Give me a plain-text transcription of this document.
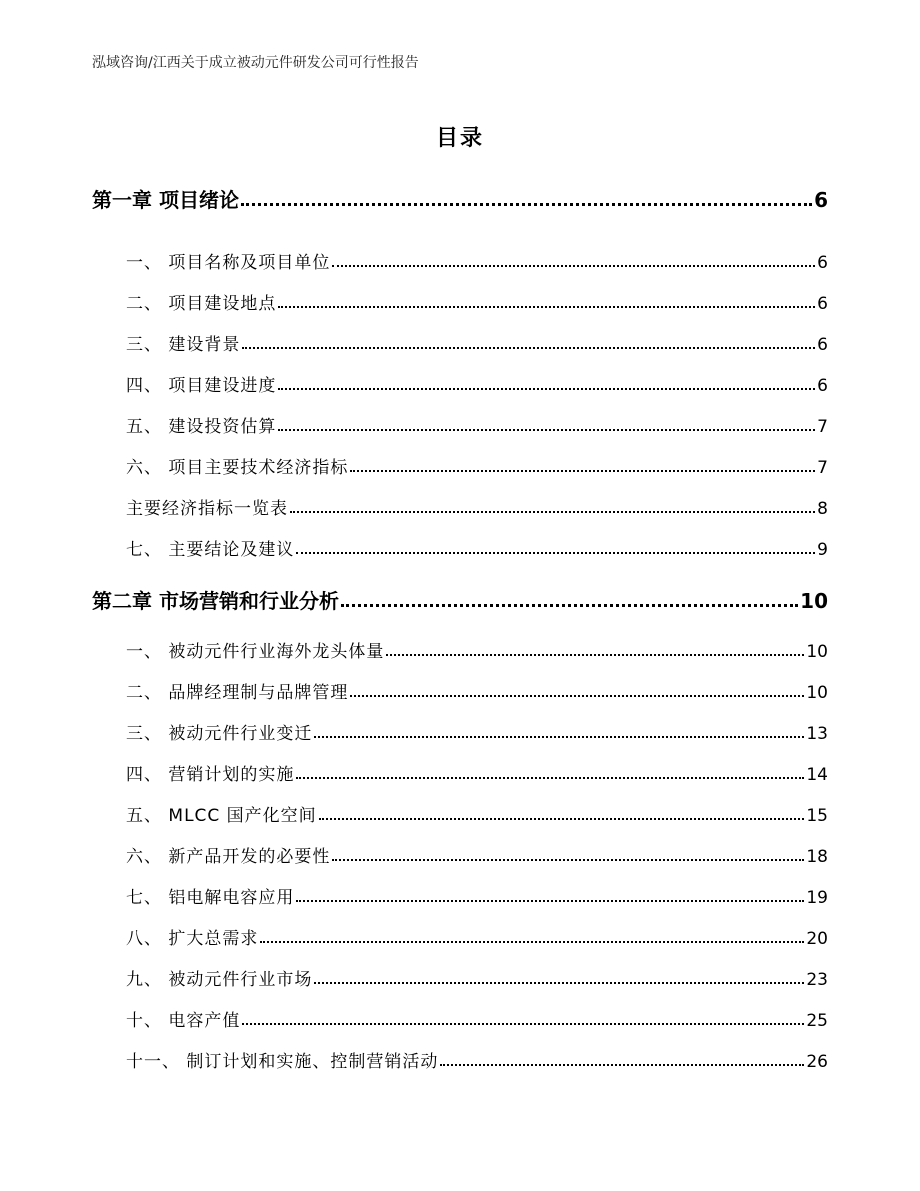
泓域咨询/江西关于成立被动元件研发公司可行性报告
目录
第一章 项目绪论	6
一、 项目名称及项目单位	6
二、 项目建设地点	6
三、 建设背景	6
四、 项目建设进度	6
五、 建设投资估算	7
六、 项目主要技术经济指标	7
主要经济指标一览表	8
七、 主要结论及建议	9
第二章 市场营销和行业分析	10
一、 被动元件行业海外龙头体量	10
二、 品牌经理制与品牌管理	10
三、 被动元件行业变迁	13
四、 营销计划的实施	14
五、 MLCC 国产化空间	15
六、 新产品开发的必要性	18
七、 铝电解电容应用	19
八、 扩大总需求	20
九、 被动元件行业市场	23
十、 电容产值	25
十一、 制订计划和实施、控制营销活动	26
